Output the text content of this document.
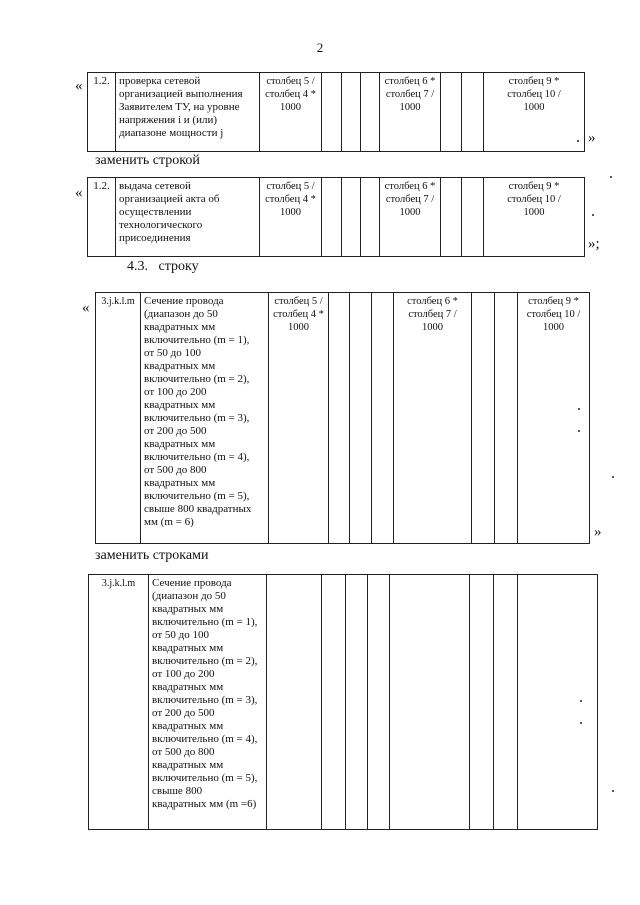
2
« 1.2.	проверка сетевой организацией выполнения Заявителем ТУ, на уровне напряжения i и (или) диапазоне мощности j	столбец 5 /
столбец 4 *
1000				столбец 6 *
столбец 7 /
1000			столбец 9 *
столбец 10 /
1000
»
заменить строкой
« 1.2.	выдача сетевой организацией акта об осуществлении технологического присоединения	столбец 5 /
столбец 4 *
1000				столбец 6 *
столбец 7 /
1000			столбец 9 *
столбец 10 /
1000
»;
4.3. строку
« 3.j.k.l.m	Сечение провода
(диапазон до 50
квадратных мм
включительно (m = 1),
от 50 до 100
квадратных мм
включительно (m = 2),
от 100 до 200
квадратных мм
включительно (m = 3),
от 200 до 500
квадратных мм
включительно (m = 4),
от 500 до 800
квадратных мм
включительно (m = 5),
свыше 800 квадратных
мм (m = 6)	столбец 5 /
столбец 4 *
1000				столбец 6 *
столбец 7 /
1000			столбец 9 *
столбец 10 /
1000
»
заменить строками
3.j.k.l.m	Сечение провода
(диапазон до 50
квадратных мм
включительно (m = 1),
от 50 до 100
квадратных мм
включительно (m = 2),
от 100 до 200
квадратных мм
включительно (m = 3),
от 200 до 500
квадратных мм
включительно (m = 4),
от 500 до 800
квадратных мм
включительно (m = 5),
свыше 800
квадратных мм (m =6)								
